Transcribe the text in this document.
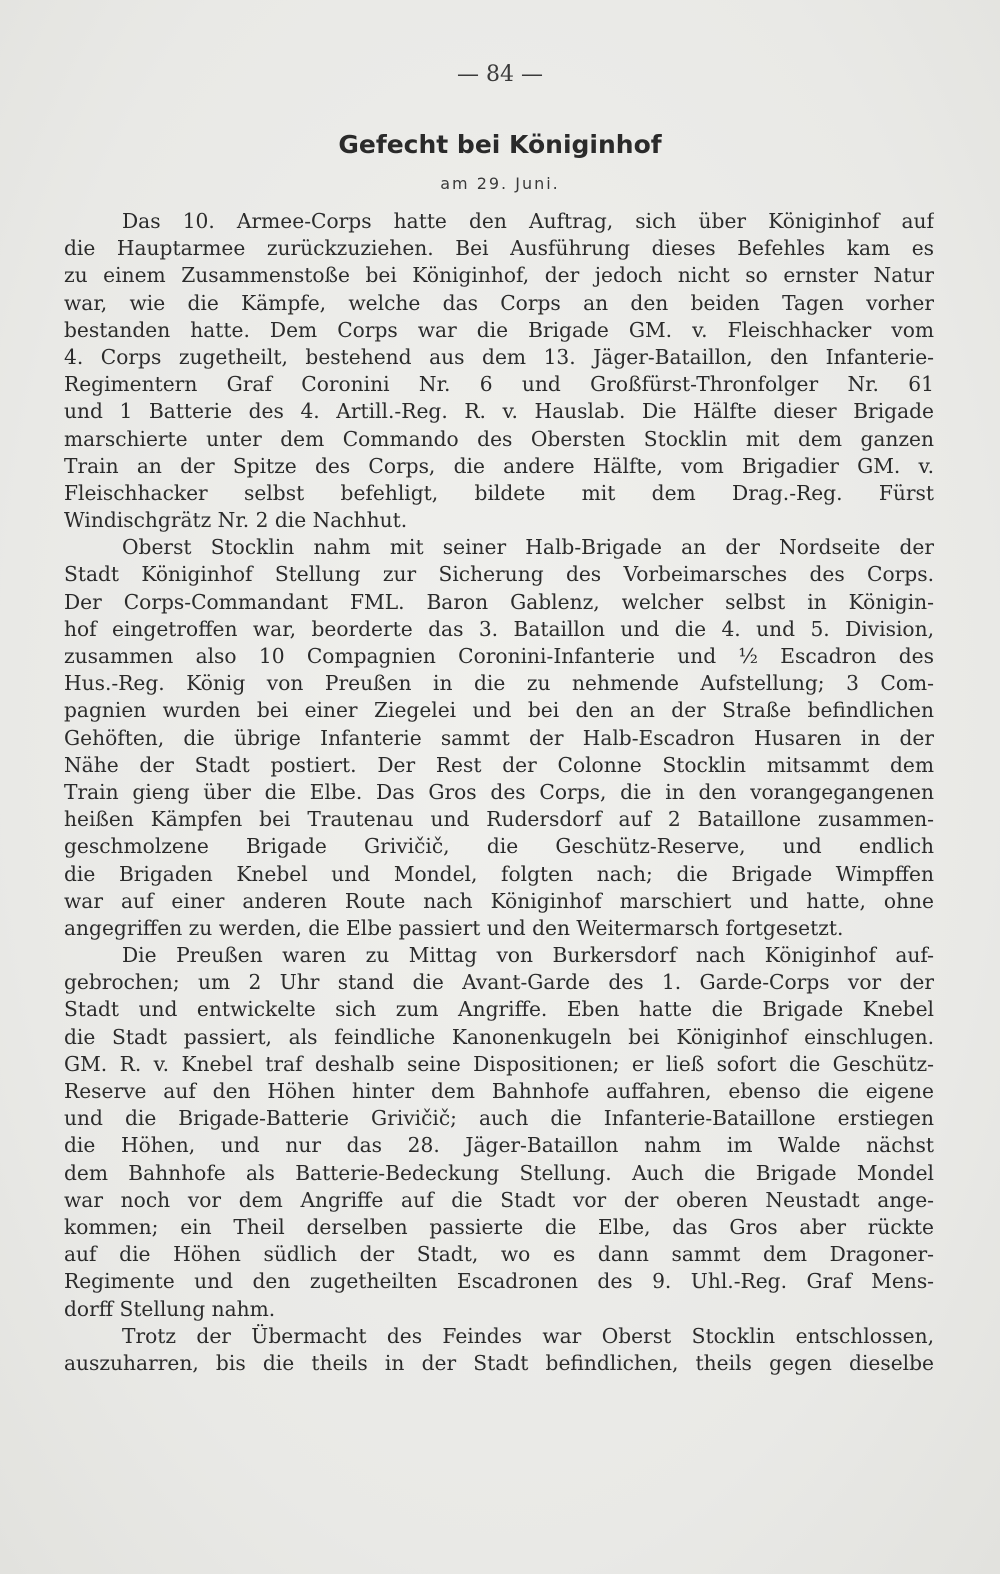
— 84 —
Gefecht bei Königinhof
am 29. Juni.
Das 10. Armee-Corps hatte den Auftrag, sich über Königinhof auf
die Hauptarmee zurückzuziehen. Bei Ausführung dieses Befehles kam es
zu einem Zusammenstoße bei Königinhof, der jedoch nicht so ernster Natur
war, wie die Kämpfe, welche das Corps an den beiden Tagen vorher
bestanden hatte. Dem Corps war die Brigade GM. v. Fleischhacker vom
4. Corps zugetheilt, bestehend aus dem 13. Jäger-Bataillon, den Infanterie-
Regimentern Graf Coronini Nr. 6 und Großfürst-Thronfolger Nr. 61
und 1 Batterie des 4. Artill.-Reg. R. v. Hauslab. Die Hälfte dieser Brigade
marschierte unter dem Commando des Obersten Stocklin mit dem ganzen
Train an der Spitze des Corps, die andere Hälfte, vom Brigadier GM. v.
Fleischhacker selbst befehligt, bildete mit dem Drag.-Reg. Fürst
Windischgrätz Nr. 2 die Nachhut.
Oberst Stocklin nahm mit seiner Halb-Brigade an der Nordseite der
Stadt Königinhof Stellung zur Sicherung des Vorbeimarsches des Corps.
Der Corps-Commandant FML. Baron Gablenz, welcher selbst in Königin-
hof eingetroffen war, beorderte das 3. Bataillon und die 4. und 5. Division,
zusammen also 10 Compagnien Coronini-Infanterie und ½ Escadron des
Hus.-Reg. König von Preußen in die zu nehmende Aufstellung; 3 Com-
pagnien wurden bei einer Ziegelei und bei den an der Straße befindlichen
Gehöften, die übrige Infanterie sammt der Halb-Escadron Husaren in der
Nähe der Stadt postiert. Der Rest der Colonne Stocklin mitsammt dem
Train gieng über die Elbe. Das Gros des Corps, die in den vorangegangenen
heißen Kämpfen bei Trautenau und Rudersdorf auf 2 Bataillone zusammen-
geschmolzene Brigade Grivičič, die Geschütz-Reserve, und endlich
die Brigaden Knebel und Mondel, folgten nach; die Brigade Wimpffen
war auf einer anderen Route nach Königinhof marschiert und hatte, ohne
angegriffen zu werden, die Elbe passiert und den Weitermarsch fortgesetzt.
Die Preußen waren zu Mittag von Burkersdorf nach Königinhof auf-
gebrochen; um 2 Uhr stand die Avant-Garde des 1. Garde-Corps vor der
Stadt und entwickelte sich zum Angriffe. Eben hatte die Brigade Knebel
die Stadt passiert, als feindliche Kanonenkugeln bei Königinhof einschlugen.
GM. R. v. Knebel traf deshalb seine Dispositionen; er ließ sofort die Geschütz-
Reserve auf den Höhen hinter dem Bahnhofe auffahren, ebenso die eigene
und die Brigade-Batterie Grivičič; auch die Infanterie-Bataillone erstiegen
die Höhen, und nur das 28. Jäger-Bataillon nahm im Walde nächst
dem Bahnhofe als Batterie-Bedeckung Stellung. Auch die Brigade Mondel
war noch vor dem Angriffe auf die Stadt vor der oberen Neustadt ange-
kommen; ein Theil derselben passierte die Elbe, das Gros aber rückte
auf die Höhen südlich der Stadt, wo es dann sammt dem Dragoner-
Regimente und den zugetheilten Escadronen des 9. Uhl.-Reg. Graf Mens-
dorff Stellung nahm.
Trotz der Übermacht des Feindes war Oberst Stocklin entschlossen,
auszuharren, bis die theils in der Stadt befindlichen, theils gegen dieselbe
